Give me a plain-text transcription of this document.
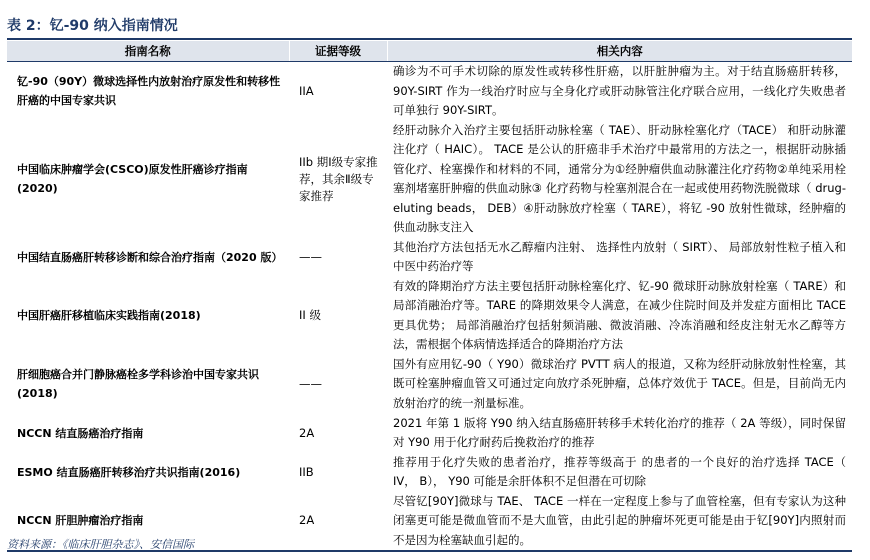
表 2：钇-90 纳入指南情况
指南名称	证据等级	相关内容
钇-90（90Y）微球选择性内放射治疗原发性和转移性肝癌的中国专家共识	IIA	确诊为不可手术切除的原发性或转移性肝癌，以肝脏肿瘤为主。对于结直肠癌肝转移，90Y-SIRT 作为一线治疗时应与全身化疗或肝动脉管注化疗联合应用，一线化疗失败患者可单独行 90Y-SIRT。
中国临床肿瘤学会(CSCO)原发性肝癌诊疗指南(2020)	IIb 期Ⅰ级专家推荐，其余Ⅱ级专家推荐	经肝动脉介入治疗主要包括肝动脉栓塞（ TAE）、肝动脉栓塞化疗（TACE） 和肝动脉灌注化疗（ HAIC）。 TACE 是公认的肝癌非手术治疗中最常用的方法之一，根据肝动脉插管化疗、栓塞操作和材料的不同，通常分为①经肿瘤供血动脉灌注化疗药物②单纯采用栓塞剂堵塞肝肿瘤的供血动脉③ 化疗药物与栓塞剂混合在一起或使用药物洗脱微球（ drug-eluting beads， DEB）④肝动脉放疗栓塞（ TARE），将钇 -90 放射性微球，经肿瘤的供血动脉支注入
中国结直肠癌肝转移诊断和综合治疗指南（2020 版）	——	其他治疗方法包括无水乙醇瘤内注射、 选择性内放射（ SIRT）、 局部放射性粒子植入和中医中药治疗等
中国肝癌肝移植临床实践指南(2018)	II 级	有效的降期治疗方法主要包括肝动脉栓塞化疗、钇-90 微球肝动脉放射栓塞（ TARE）和局部消融治疗等。TARE 的降期效果令人满意，在减少住院时间及并发症方面相比 TACE 更具优势； 局部消融治疗包括射频消融、微波消融、冷冻消融和经皮注射无水乙醇等方法，需根据个体病情选择适合的降期治疗方法
肝细胞癌合并门静脉癌栓多学科诊治中国专家共识(2018)	——	国外有应用钇-90（ Y90）微球治疗 PVTT 病人的报道，又称为经肝动脉放射性栓塞，其既可栓塞肿瘤血管又可通过定向放疗杀死肿瘤，总体疗效优于 TACE。但是，目前尚无内放射治疗的统一剂量标准。
NCCN 结直肠癌治疗指南	2A	2021 年第 1 版将 Y90 纳入结直肠癌肝转移手术转化治疗的推荐（ 2A 等级），同时保留对 Y90 用于化疗耐药后挽救治疗的推荐
ESMO 结直肠癌肝转移治疗共识指南(2016)	IIB	推荐用于化疗失败的患者治疗，推荐等级高于 的患者的一个良好的治疗选择 TACE（ IV， B）， Y90 可能是余肝体积不足但潜在可切除
NCCN 肝胆肿瘤治疗指南	2A	尽管钇[90Y]微球与 TAE、 TACE 一样在一定程度上参与了血管栓塞，但有专家认为这种闭塞更可能是微血管而不是大血管，由此引起的肿瘤坏死更可能是由于钇[90Y]内照射而不是因为栓塞缺血引起的。
资料来源：《临床肝胆杂志》、安信国际
